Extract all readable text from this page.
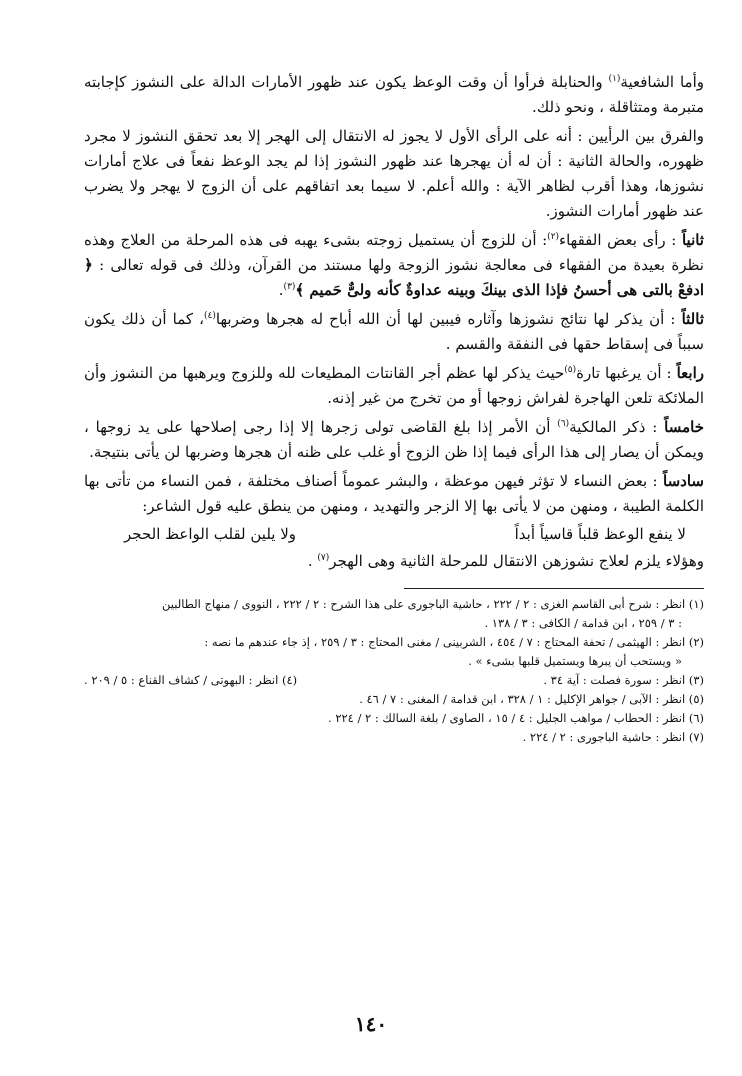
وأما الشافعية$^{(١)}$ والحنابلة فرأوا أن وقت الوعظ يكون عند ظهور الأمارات الدالة على النشوز كإجابته متبرمة ومتثاقلة ، ونحو ذلك.

والفرق بين الرأيين : أنه على الرأى الأول لا يجوز له الانتقال إلى الهجر إلا بعد تحقق النشوز لا مجرد ظهوره، والحالة الثانية : أن له أن يهجرها عند ظهور النشوز إذا لم يجد الوعظ نفعاً فى علاج أمارات نشوزها، وهذا أقرب لظاهر الآية : والله أعلم. لا سيما بعد اتفاقهم على أن الزوج لا يهجر ولا يضرب عند ظهور أمارات النشوز.

ثانياً : رأى بعض الفقهاء$^{(٢)}$: أن للزوج أن يستميل زوجته بشىء يهبه فى هذه المرحلة من العلاج وهذه نظرة بعيدة من الفقهاء فى معالجة نشوز الزوجة ولها مستند من القرآن، وذلك فى قوله تعالى : ﴿ ادفعْ بالتى هى أحسنُ فإذا الذى بينكَ وبينه عداوةٌ كأنه ولىٌّ حَميم ﴾$^{(٣)}$.

ثالثاً : أن يذكر لها نتائج نشوزها وآثاره فيبين لها أن الله أباح له هجرها وضربها$^{(٤)}$، كما أن ذلك يكون سبباً فى إسقاط حقها فى النفقة والقسم .

رابعاً : أن يرغبها تارة$^{(٥)}$حيث يذكر لها عظم أجر القانتات المطيعات لله وللزوج ويرهبها من النشوز وأن الملائكة تلعن الهاجرة لفراش زوجها أو من تخرج من غير إذنه.

خامساً : ذكر المالكية$^{(٦)}$ أن الأمر إذا بلغ القاضى تولى زجرها إلا إذا رجى إصلاحها على يد زوجها ، ويمكن أن يصار إلى هذا الرأى فيما إذا ظن الزوج أو غلب على ظنه أن هجرها وضربها لن يأتى بنتيجة.

سادساً : بعض النساء لا تؤثر فيهن موعظة ، والبشر عموماً أصناف مختلفة ، فمن النساء من تأتى بها الكلمة الطيبة ، ومنهن من لا يأتى بها إلا الزجر والتهديد ، ومنهن من ينطق عليه قول الشاعر:

لا ينفع الوعظ قلباً قاسياً أبداً
ولا يلين لقلب الواعظ الحجر

وهؤلاء يلزم لعلاج نشوزهن الانتقال للمرحلة الثانية وهى الهجر$^{(٧)}$ .

(١) انظر : شرح أبى القاسم الغزى : ٢ / ٢٢٢ ، حاشية الباجورى على هذا الشرح : ٢ / ٢٢٢ ، النووى / منهاج الطالبين

: ٣ / ٢٥٩ ، ابن قدامة / الكافى : ٣ / ١٣٨ .

(٢) انظر : الهيثمى / تحفة المحتاج : ٧ / ٤٥٤ ، الشربينى / مغنى المحتاج : ٣ / ٢٥٩ ، إذ جاء عندهم ما نصه :

« ويستحب أن يبرها ويستميل قلبها بشىء » .

(٣) انظر : سورة فصلت : آية ٣٤ .
(٤) انظر : البهوتى / كشاف القناع : ٥ / ٢٠٩ .

(٥) انظر : الآبى / جواهر الإكليل : ١ / ٣٢٨ ، ابن قدامة / المغنى : ٧ / ٤٦ .

(٦) انظر : الحطاب / مواهب الجليل : ٤ / ١٥ ، الصاوى / بلغة السالك : ٢ / ٢٢٤ .

(٧) انظر : حاشية الباجورى : ٢ / ٢٢٤ .

١٤٠
